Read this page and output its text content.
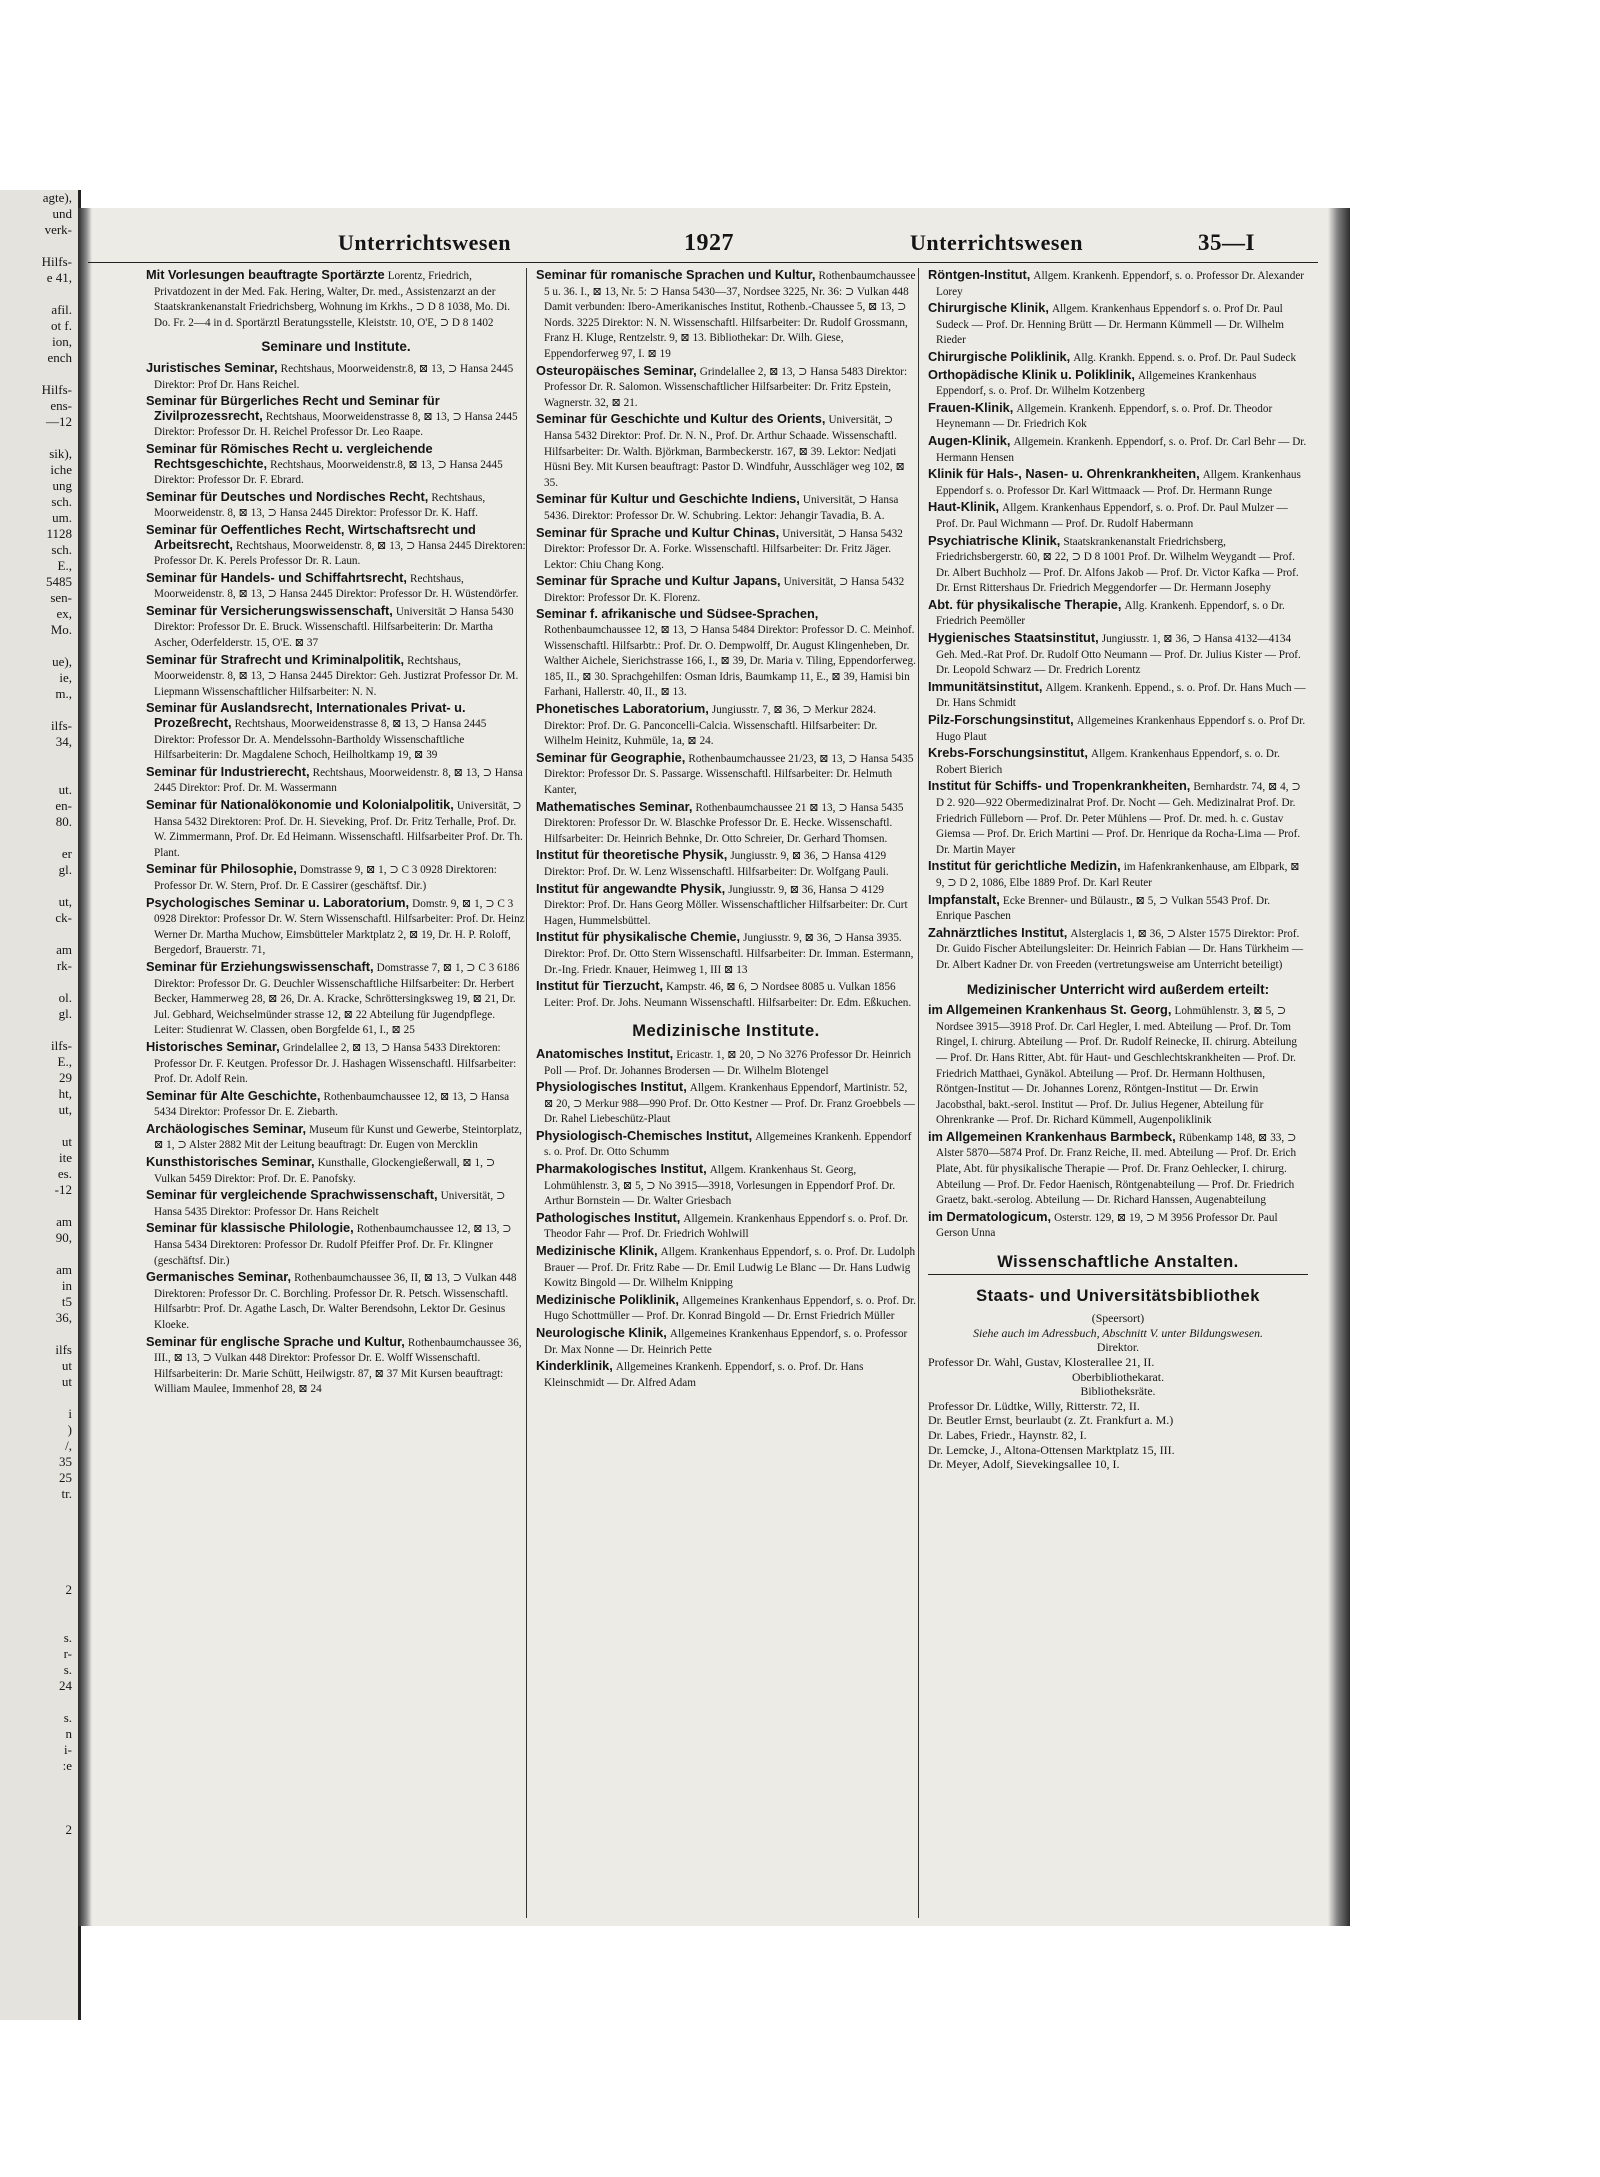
agte),
und
verk-

Hilfs-
e 41,

afil.
ot f.
ion,
ench

Hilfs-
ens-
—12

sik),
iche
ung
sch.
um.
1128
sch.
E.,
5485
sen-
ex,
Mo.

ue),
ie,
m.,

ilfs-
34,

ut.
en-
80.

er
gl.

ut,
ck-

am
rk-

ol.
gl.

ilfs-
E.,
29
ht,
ut,

ut
ite
es.
-12

am
90,

am
in
t5
36,

ilfs
ut
ut

i
)
/,
35
25
tr.

2

s.
r-
s.
24

s.
n
i-
:e

2
Unterrichtswesen	1927	Unterrichtswesen	35—I
Mit Vorlesungen beauftragte Sportärzte Lorentz, Friedrich, Privatdozent in der Med. Fak. Hering, Walter, Dr. med., Assistenzarzt an der Staatskrankenanstalt Friedrichsberg, Wohnung im Krkhs., ⊃ D 8 1038, Mo. Di. Do. Fr. 2—4 in d. Sportärztl Beratungsstelle, Kleiststr. 10, O'E, ⊃ D 8 1402
Seminare und Institute.
Juristisches Seminar, Rechtshaus, Moorweidenstr.8, ⊠ 13, ⊃ Hansa 2445 Direktor: Prof Dr. Hans Reichel.
Seminar für Bürgerliches Recht und Seminar für Zivilprozessrecht, Rechtshaus, Moorweidenstrasse 8, ⊠ 13, ⊃ Hansa 2445 Direktor: Professor Dr. H. Reichel Professor Dr. Leo Raape.
Seminar für Römisches Recht u. vergleichende Rechtsgeschichte, Rechtshaus, Moorweidenstr.8, ⊠ 13, ⊃ Hansa 2445 Direktor: Professor Dr. F. Ebrard.
Seminar für Deutsches und Nordisches Recht, Rechtshaus, Moorweidenstr. 8, ⊠ 13, ⊃ Hansa 2445 Direktor: Professor Dr. K. Haff.
Seminar für Oeffentliches Recht, Wirtschaftsrecht und Arbeitsrecht, Rechtshaus, Moorweidenstr. 8, ⊠ 13, ⊃ Hansa 2445 Direktoren: Professor Dr. K. Perels Professor Dr. R. Laun.
Seminar für Handels- und Schiffahrtsrecht, Rechtshaus, Moorweidenstr. 8, ⊠ 13, ⊃ Hansa 2445 Direktor: Professor Dr. H. Wüstendörfer.
Seminar für Versicherungswissenschaft, Universität ⊃ Hansa 5430 Direktor: Professor Dr. E. Bruck. Wissenschaftl. Hilfsarbeiterin: Dr. Martha Ascher, Oderfelderstr. 15, O'E. ⊠ 37
Seminar für Strafrecht und Kriminalpolitik, Rechtshaus, Moorweidenstr. 8, ⊠ 13, ⊃ Hansa 2445 Direktor: Geh. Justizrat Professor Dr. M. Liepmann Wissenschaftlicher Hilfsarbeiter: N. N.
Seminar für Auslandsrecht, Internationales Privat- u. Prozeßrecht, Rechtshaus, Moorweidenstrasse 8, ⊠ 13, ⊃ Hansa 2445 Direktor: Professor Dr. A. Mendelssohn-Bartholdy Wissenschaftliche Hilfsarbeiterin: Dr. Magdalene Schoch, Heilholtkamp 19, ⊠ 39
Seminar für Industrierecht, Rechtshaus, Moorweidenstr. 8, ⊠ 13, ⊃ Hansa 2445 Direktor: Prof. Dr. M. Wassermann
Seminar für Nationalökonomie und Kolonialpolitik, Universität, ⊃ Hansa 5432 Direktoren: Prof. Dr. H. Sieveking, Prof. Dr. Fritz Terhalle, Prof. Dr. W. Zimmermann, Prof. Dr. Ed Heimann. Wissenschaftl. Hilfsarbeiter Prof. Dr. Th. Plant.
Seminar für Philosophie, Domstrasse 9, ⊠ 1, ⊃ C 3 0928 Direktoren: Professor Dr. W. Stern, Prof. Dr. E Cassirer (geschäftsf. Dir.)
Psychologisches Seminar u. Laboratorium, Domstr. 9, ⊠ 1, ⊃ C 3 0928 Direktor: Professor Dr. W. Stern Wissenschaftl. Hilfsarbeiter: Prof. Dr. Heinz Werner Dr. Martha Muchow, Eimsbütteler Marktplatz 2, ⊠ 19, Dr. H. P. Roloff, Bergedorf, Brauerstr. 71,
Seminar für Erziehungswissenschaft, Domstrasse 7, ⊠ 1, ⊃ C 3 6186 Direktor: Professor Dr. G. Deuchler Wissenschaftliche Hilfsarbeiter: Dr. Herbert Becker, Hammerweg 28, ⊠ 26, Dr. A. Kracke, Schröttersingksweg 19, ⊠ 21, Dr. Jul. Gebhard, Weichselmünder strasse 12, ⊠ 22 Abteilung für Jugendpflege. Leiter: Studienrat W. Classen, oben Borgfelde 61, I., ⊠ 25
Historisches Seminar, Grindelallee 2, ⊠ 13, ⊃ Hansa 5433 Direktoren: Professor Dr. F. Keutgen. Professor Dr. J. Hashagen Wissenschaftl. Hilfsarbeiter: Prof. Dr. Adolf Rein.
Seminar für Alte Geschichte, Rothenbaumchaussee 12, ⊠ 13, ⊃ Hansa 5434 Direktor: Professor Dr. E. Ziebarth.
Archäologisches Seminar, Museum für Kunst und Gewerbe, Steintorplatz, ⊠ 1, ⊃ Alster 2882 Mit der Leitung beauftragt: Dr. Eugen von Mercklin
Kunsthistorisches Seminar, Kunsthalle, Glockengießerwall, ⊠ 1, ⊃ Vulkan 5459 Direktor: Prof. Dr. E. Panofsky.
Seminar für vergleichende Sprachwissenschaft, Universität, ⊃ Hansa 5435 Direktor: Professor Dr. Hans Reichelt
Seminar für klassische Philologie, Rothenbaumchaussee 12, ⊠ 13, ⊃ Hansa 5434 Direktoren: Professor Dr. Rudolf Pfeiffer Prof. Dr. Fr. Klingner (geschäftsf. Dir.)
Germanisches Seminar, Rothenbaumchaussee 36, II, ⊠ 13, ⊃ Vulkan 448 Direktoren: Professor Dr. C. Borchling. Professor Dr. R. Petsch. Wissenschaftl. Hilfsarbtr: Prof. Dr. Agathe Lasch, Dr. Walter Berendsohn, Lektor Dr. Gesinus Kloeke.
Seminar für englische Sprache und Kultur, Rothenbaumchaussee 36, III., ⊠ 13, ⊃ Vulkan 448 Direktor: Professor Dr. E. Wolff Wissenschaftl. Hilfsarbeiterin: Dr. Marie Schütt, Heilwigstr. 87, ⊠ 37 Mit Kursen beauftragt: William Maulee, Immenhof 28, ⊠ 24
Seminar für romanische Sprachen und Kultur, Rothenbaumchaussee 5 u. 36. I., ⊠ 13, Nr. 5: ⊃ Hansa 5430—37, Nordsee 3225, Nr. 36: ⊃ Vulkan 448 Damit verbunden: Ibero-Amerikanisches Institut, Rothenb.-Chaussee 5, ⊠ 13, ⊃ Nords. 3225 Direktor: N. N. Wissenschaftl. Hilfsarbeiter: Dr. Rudolf Grossmann, Franz H. Kluge, Rentzelstr. 9, ⊠ 13. Bibliothekar: Dr. Wilh. Giese, Eppendorferweg 97, I. ⊠ 19
Osteuropäisches Seminar, Grindelallee 2, ⊠ 13, ⊃ Hansa 5483 Direktor: Professor Dr. R. Salomon. Wissenschaftlicher Hilfsarbeiter: Dr. Fritz Epstein, Wagnerstr. 32, ⊠ 21.
Seminar für Geschichte und Kultur des Orients, Universität, ⊃ Hansa 5432 Direktor: Prof. Dr. N. N., Prof. Dr. Arthur Schaade. Wissenschaftl. Hilfsarbeiter: Dr. Walth. Björkman, Barmbeckerstr. 167, ⊠ 39. Lektor: Nedjati Hüsni Bey. Mit Kursen beauftragt: Pastor D. Windfuhr, Ausschläger weg 102, ⊠ 35.
Seminar für Kultur und Geschichte Indiens, Universität, ⊃ Hansa 5436. Direktor: Professor Dr. W. Schubring. Lektor: Jehangir Tavadia, B. A.
Seminar für Sprache und Kultur Chinas, Universität, ⊃ Hansa 5432 Direktor: Professor Dr. A. Forke. Wissenschaftl. Hilfsarbeiter: Dr. Fritz Jäger. Lektor: Chiu Chang Kong.
Seminar für Sprache und Kultur Japans, Universität, ⊃ Hansa 5432 Direktor: Professor Dr. K. Florenz.
Seminar f. afrikanische und Südsee-Sprachen, Rothenbaumchaussee 12, ⊠ 13, ⊃ Hansa 5484 Direktor: Professor D. C. Meinhof. Wissenschaftl. Hilfsarbtr.: Prof. Dr. O. Dempwolff, Dr. August Klingenheben, Dr. Walther Aichele, Sierichstrasse 166, I., ⊠ 39, Dr. Maria v. Tiling, Eppendorferweg. 185, II., ⊠ 30. Sprachgehilfen: Osman Idris, Baumkamp 11, E., ⊠ 39, Hamisi bin Farhani, Hallerstr. 40, II., ⊠ 13.
Phonetisches Laboratorium, Jungiusstr. 7, ⊠ 36, ⊃ Merkur 2824. Direktor: Prof. Dr. G. Panconcelli-Calcia. Wissenschaftl. Hilfsarbeiter: Dr. Wilhelm Heinitz, Kuhmüle, 1a, ⊠ 24.
Seminar für Geographie, Rothenbaumchaussee 21/23, ⊠ 13, ⊃ Hansa 5435 Direktor: Professor Dr. S. Passarge. Wissenschaftl. Hilfsarbeiter: Dr. Helmuth Kanter,
Mathematisches Seminar, Rothenbaumchaussee 21 ⊠ 13, ⊃ Hansa 5435 Direktoren: Professor Dr. W. Blaschke Professor Dr. E. Hecke. Wissenschaftl. Hilfsarbeiter: Dr. Heinrich Behnke, Dr. Otto Schreier, Dr. Gerhard Thomsen.
Institut für theoretische Physik, Jungiusstr. 9, ⊠ 36, ⊃ Hansa 4129 Direktor: Prof. Dr. W. Lenz Wissenschaftl. Hilfsarbeiter: Dr. Wolfgang Pauli.
Institut für angewandte Physik, Jungiusstr. 9, ⊠ 36, Hansa ⊃ 4129 Direktor: Prof. Dr. Hans Georg Möller. Wissenschaftlicher Hilfsarbeiter: Dr. Curt Hagen, Hummelsbüttel.
Institut für physikalische Chemie, Jungiusstr. 9, ⊠ 36, ⊃ Hansa 3935. Direktor: Prof. Dr. Otto Stern Wissenschaftl. Hilfsarbeiter: Dr. Imman. Estermann, Dr.-Ing. Friedr. Knauer, Heimweg 1, III ⊠ 13
Institut für Tierzucht, Kampstr. 46, ⊠ 6, ⊃ Nordsee 8085 u. Vulkan 1856 Leiter: Prof. Dr. Johs. Neumann Wissenschaftl. Hilfsarbeiter: Dr. Edm. Eßkuchen.
Medizinische Institute.
Anatomisches Institut, Ericastr. 1, ⊠ 20, ⊃ No 3276 Professor Dr. Heinrich Poll — Prof. Dr. Johannes Brodersen — Dr. Wilhelm Blotengel
Physiologisches Institut, Allgem. Krankenhaus Eppendorf, Martinistr. 52, ⊠ 20, ⊃ Merkur 988—990 Prof. Dr. Otto Kestner — Prof. Dr. Franz Groebbels — Dr. Rahel Liebeschütz-Plaut
Physiologisch-Chemisches Institut, Allgemeines Krankenh. Eppendorf s. o. Prof. Dr. Otto Schumm
Pharmakologisches Institut, Allgem. Krankenhaus St. Georg, Lohmühlenstr. 3, ⊠ 5, ⊃ No 3915—3918, Vorlesungen in Eppendorf Prof. Dr. Arthur Bornstein — Dr. Walter Griesbach
Pathologisches Institut, Allgemein. Krankenhaus Eppendorf s. o. Prof. Dr. Theodor Fahr — Prof. Dr. Friedrich Wohlwill
Medizinische Klinik, Allgem. Krankenhaus Eppendorf, s. o. Prof. Dr. Ludolph Brauer — Prof. Dr. Fritz Rabe — Dr. Emil Ludwig Le Blanc — Dr. Hans Ludwig Kowitz Bingold — Dr. Wilhelm Knipping
Medizinische Poliklinik, Allgemeines Krankenhaus Eppendorf, s. o. Prof. Dr. Hugo Schottmüller — Prof. Dr. Konrad Bingold — Dr. Ernst Friedrich Müller
Neurologische Klinik, Allgemeines Krankenhaus Eppendorf, s. o. Professor Dr. Max Nonne — Dr. Heinrich Pette
Kinderklinik, Allgemeines Krankenh. Eppendorf, s. o. Prof. Dr. Hans Kleinschmidt — Dr. Alfred Adam
Röntgen-Institut, Allgem. Krankenh. Eppendorf, s. o. Professor Dr. Alexander Lorey
Chirurgische Klinik, Allgem. Krankenhaus Eppendorf s. o. Prof Dr. Paul Sudeck — Prof. Dr. Henning Brütt — Dr. Hermann Kümmell — Dr. Wilhelm Rieder
Chirurgische Poliklinik, Allg. Krankh. Eppend. s. o. Prof. Dr. Paul Sudeck
Orthopädische Klinik u. Poliklinik, Allgemeines Krankenhaus Eppendorf, s. o. Prof. Dr. Wilhelm Kotzenberg
Frauen-Klinik, Allgemein. Krankenh. Eppendorf, s. o. Prof. Dr. Theodor Heynemann — Dr. Friedrich Kok
Augen-Klinik, Allgemein. Krankenh. Eppendorf, s. o. Prof. Dr. Carl Behr — Dr. Hermann Hensen
Klinik für Hals-, Nasen- u. Ohrenkrankheiten, Allgem. Krankenhaus Eppendorf s. o. Professor Dr. Karl Wittmaack — Prof. Dr. Hermann Runge
Haut-Klinik, Allgem. Krankenhaus Eppendorf, s. o. Prof. Dr. Paul Mulzer — Prof. Dr. Paul Wichmann — Prof. Dr. Rudolf Habermann
Psychiatrische Klinik, Staatskrankenanstalt Friedrichsberg, Friedrichsbergerstr. 60, ⊠ 22, ⊃ D 8 1001 Prof. Dr. Wilhelm Weygandt — Prof. Dr. Albert Buchholz — Prof. Dr. Alfons Jakob — Prof. Dr. Victor Kafka — Prof. Dr. Ernst Rittershaus Dr. Friedrich Meggendorfer — Dr. Hermann Josephy
Abt. für physikalische Therapie, Allg. Krankenh. Eppendorf, s. o Dr. Friedrich Peemöller
Hygienisches Staatsinstitut, Jungiusstr. 1, ⊠ 36, ⊃ Hansa 4132—4134 Geh. Med.-Rat Prof. Dr. Rudolf Otto Neumann — Prof. Dr. Julius Kister — Prof. Dr. Leopold Schwarz — Dr. Fredrich Lorentz
Immunitätsinstitut, Allgem. Krankenh. Eppend., s. o. Prof. Dr. Hans Much — Dr. Hans Schmidt
Pilz-Forschungsinstitut, Allgemeines Krankenhaus Eppendorf s. o. Prof Dr. Hugo Plaut
Krebs-Forschungsinstitut, Allgem. Krankenhaus Eppendorf, s. o. Dr. Robert Bierich
Institut für Schiffs- und Tropenkrankheiten, Bernhardstr. 74, ⊠ 4, ⊃ D 2. 920—922 Obermedizinalrat Prof. Dr. Nocht — Geh. Medizinalrat Prof. Dr. Friedrich Fülleborn — Prof. Dr. Peter Mühlens — Prof. Dr. med. h. c. Gustav Giemsa — Prof. Dr. Erich Martini — Prof. Dr. Henrique da Rocha-Lima — Prof. Dr. Martin Mayer
Institut für gerichtliche Medizin, im Hafenkrankenhause, am Elbpark, ⊠ 9, ⊃ D 2, 1086, Elbe 1889 Prof. Dr. Karl Reuter
Impfanstalt, Ecke Brenner- und Bülaustr., ⊠ 5, ⊃ Vulkan 5543 Prof. Dr. Enrique Paschen
Zahnärztliches Institut, Alsterglacis 1, ⊠ 36, ⊃ Alster 1575 Direktor: Prof. Dr. Guido Fischer Abteilungsleiter: Dr. Heinrich Fabian — Dr. Hans Türkheim — Dr. Albert Kadner Dr. von Freeden (vertretungsweise am Unterricht beteiligt)
Medizinischer Unterricht wird außerdem erteilt:
im Allgemeinen Krankenhaus St. Georg, Lohmühlenstr. 3, ⊠ 5, ⊃ Nordsee 3915—3918 Prof. Dr. Carl Hegler, I. med. Abteilung — Prof. Dr. Tom Ringel, I. chirurg. Abteilung — Prof. Dr. Rudolf Reinecke, II. chirurg. Abteilung — Prof. Dr. Hans Ritter, Abt. für Haut- und Geschlechtskrankheiten — Prof. Dr. Friedrich Matthaei, Gynäkol. Abteilung — Prof. Dr. Hermann Holthusen, Röntgen-Institut — Dr. Johannes Lorenz, Röntgen-Institut — Dr. Erwin Jacobsthal, bakt.-serol. Institut — Prof. Dr. Julius Hegener, Abteilung für Ohrenkranke — Prof. Dr. Richard Kümmell, Augenpoliklinik
im Allgemeinen Krankenhaus Barmbeck, Rübenkamp 148, ⊠ 33, ⊃ Alster 5870—5874 Prof. Dr. Franz Reiche, II. med. Abteilung — Prof. Dr. Erich Plate, Abt. für physikalische Therapie — Prof. Dr. Franz Oehlecker, I. chirurg. Abteilung — Prof. Dr. Fedor Haenisch, Röntgenabteilung — Prof. Dr. Friedrich Graetz, bakt.-serolog. Abteilung — Dr. Richard Hanssen, Augenabteilung
im Dermatologicum, Osterstr. 129, ⊠ 19, ⊃ M 3956 Professor Dr. Paul Gerson Unna
Wissenschaftliche Anstalten.
Staats- und Universitätsbibliothek
(Speersort)
Siehe auch im Adressbuch, Abschnitt V. unter Bildungswesen.
Direktor.
Professor Dr. Wahl, Gustav, Klosterallee 21, II.
Oberbibliothekarat.
Bibliotheksräte.
Professor Dr. Lüdtke, Willy, Ritterstr. 72, II.
Dr. Beutler Ernst, beurlaubt (z. Zt. Frankfurt a. M.)
Dr. Labes, Friedr., Haynstr. 82, I.
Dr. Lemcke, J., Altona-Ottensen Marktplatz 15, III.
Dr. Meyer, Adolf, Sievekingsallee 10, I.
